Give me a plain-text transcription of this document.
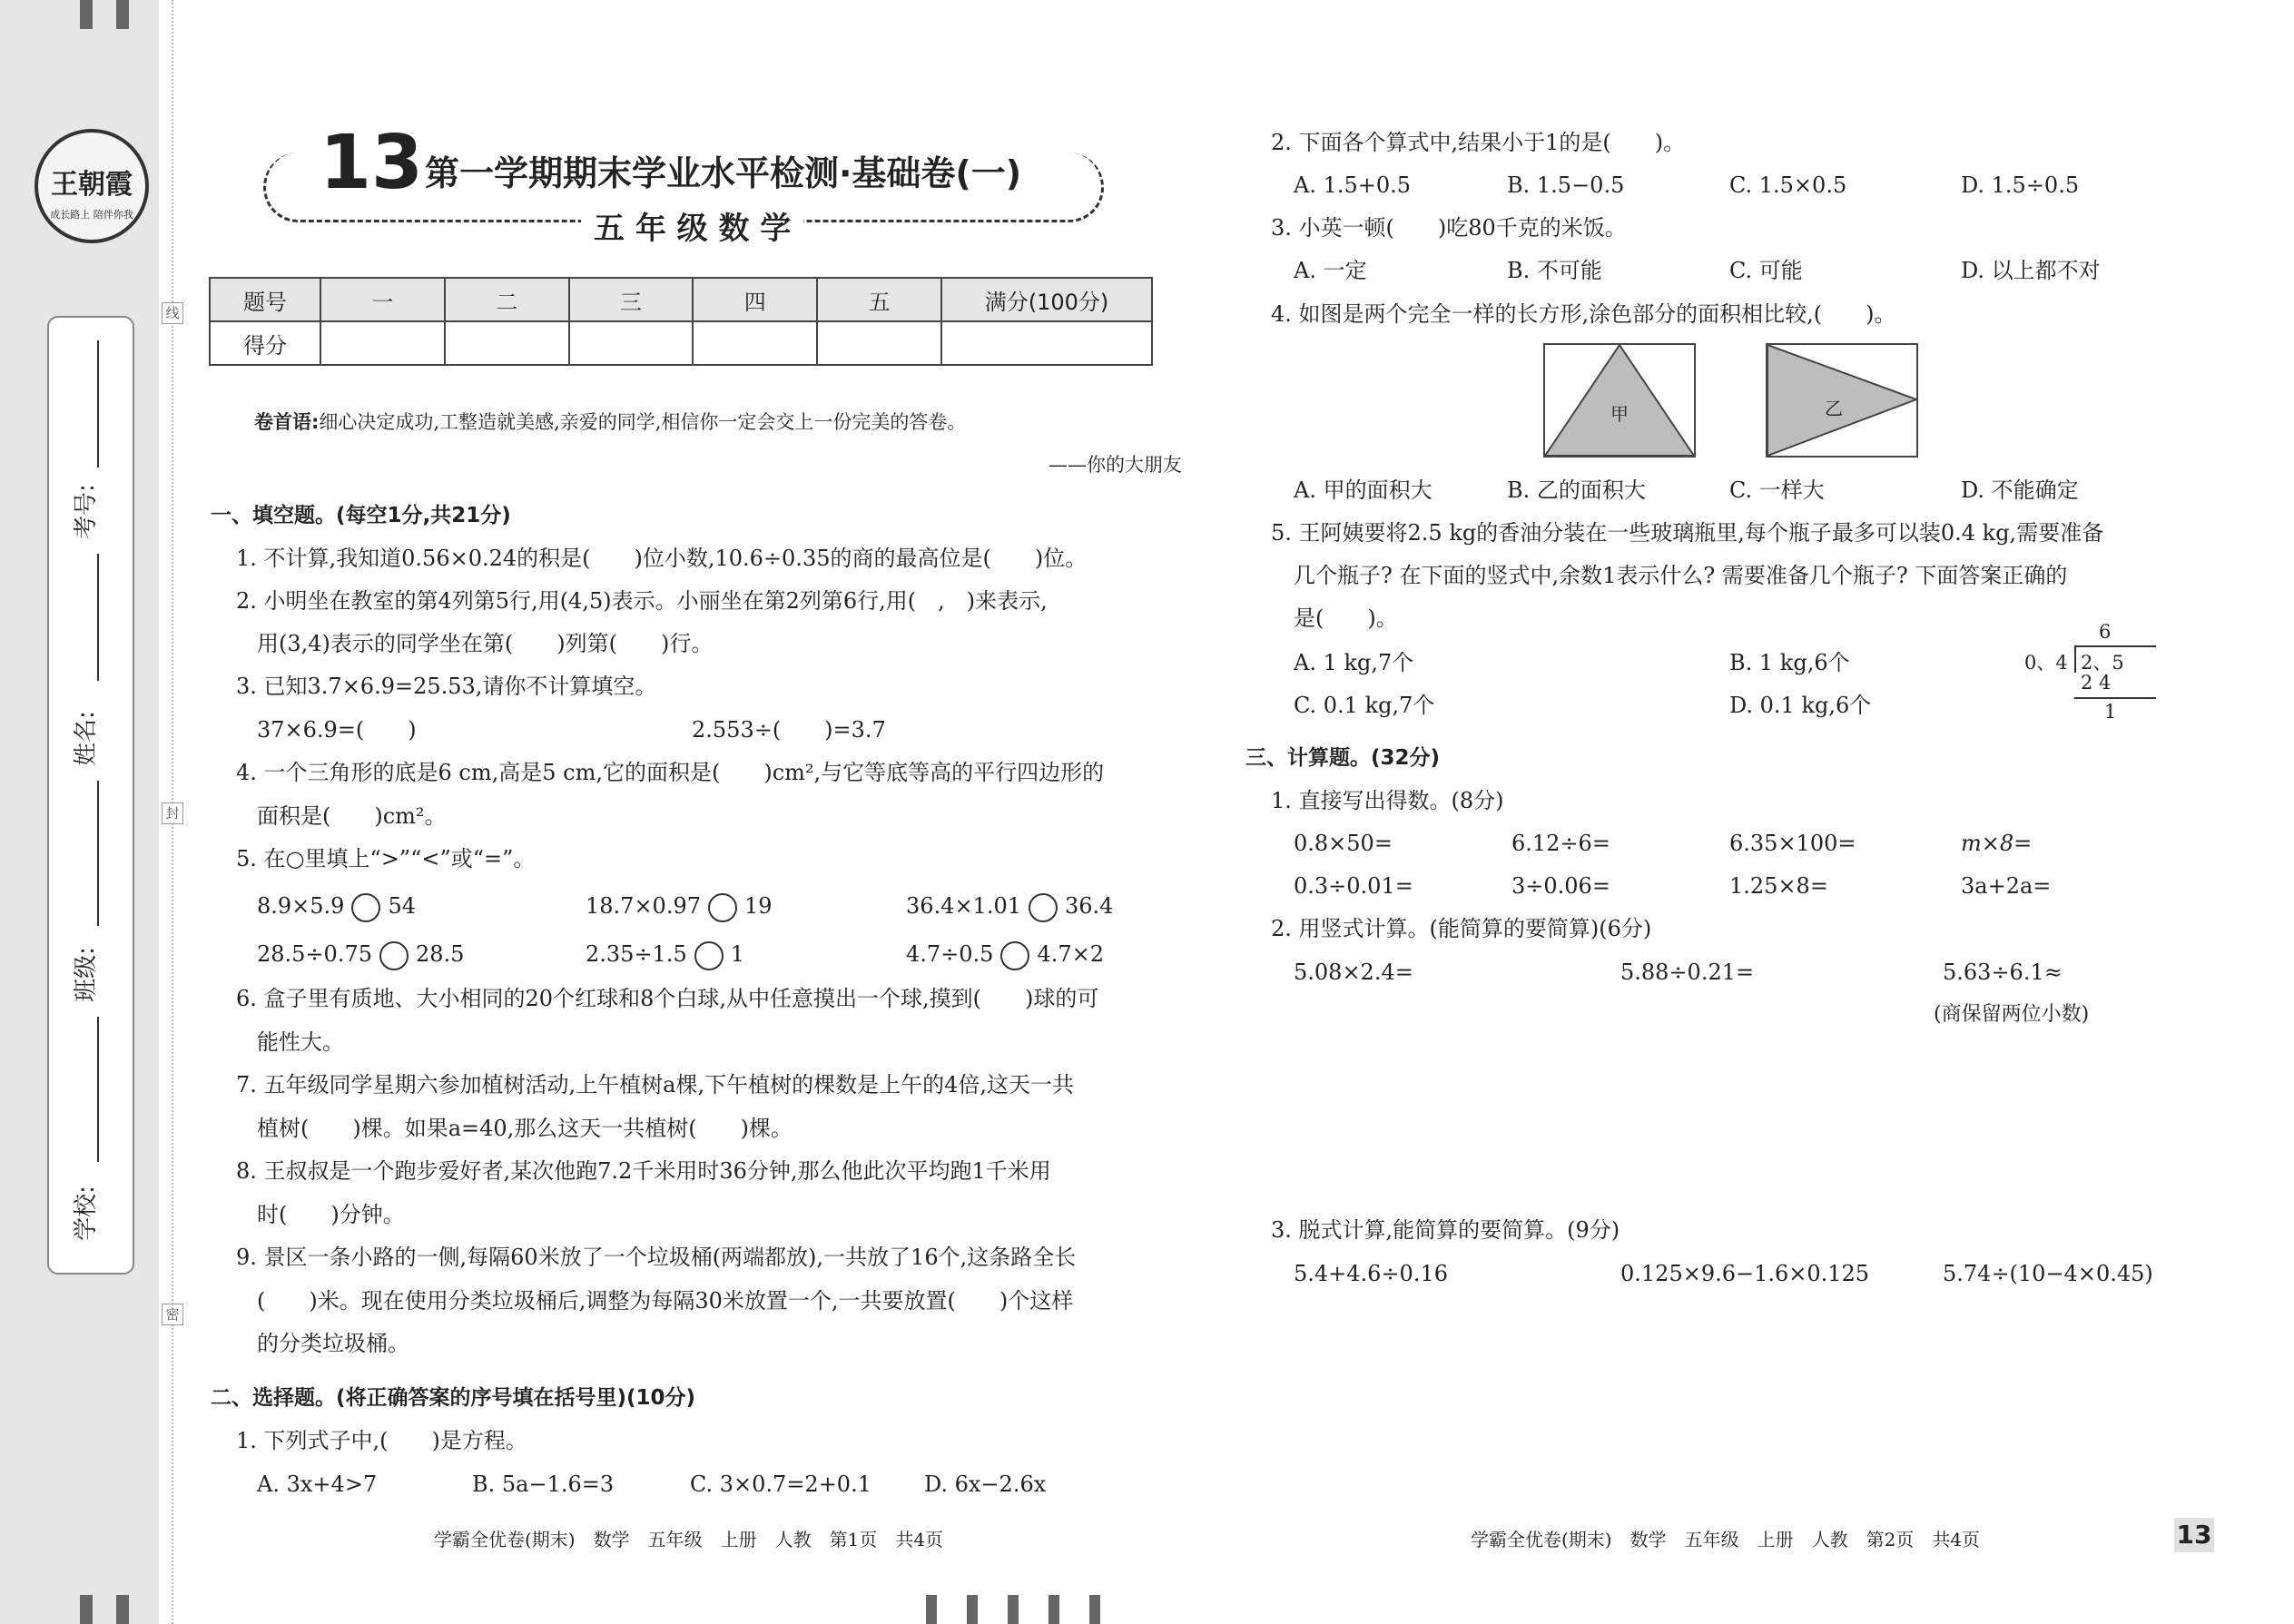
王朝霞
成长路上 陪伴你我
考号:
姓名:
班级:
学校:
线
封
密
13 第一学期期末学业水平检测·基础卷(一)
五 年 级 数 学
题号	一	二	三	四	五	满分(100分)
得分						
卷首语:细心决定成功,工整造就美感,亲爱的同学,相信你一定会交上一份完美的答卷。
——你的大朋友
一、填空题。(每空1分,共21分)
1. 不计算,我知道0.56×0.24的积是(　　)位小数,10.6÷0.35的商的最高位是(　　)位。
2. 小明坐在教室的第4列第5行,用(4,5)表示。小丽坐在第2列第6行,用(　,　)来表示,
用(3,4)表示的同学坐在第(　　)列第(　　)行。
3. 已知3.7×6.9=25.53,请你不计算填空。
37×6.9=(　　)	2.553÷(　　)=3.7
4. 一个三角形的底是6 cm,高是5 cm,它的面积是(　　)cm²,与它等底等高的平行四边形的
面积是(　　)cm²。
5. 在○里填上“>”“<”或“=”。
8.9×5.9 54	18.7×0.97 19	36.4×1.01 36.4
28.5÷0.75 28.5	2.35÷1.5 1	4.7÷0.5 4.7×2
6. 盒子里有质地、大小相同的20个红球和8个白球,从中任意摸出一个球,摸到(　　)球的可
能性大。
7. 五年级同学星期六参加植树活动,上午植树a棵,下午植树的棵数是上午的4倍,这天一共
植树(　　)棵。如果a=40,那么这天一共植树(　　)棵。
8. 王叔叔是一个跑步爱好者,某次他跑7.2千米用时36分钟,那么他此次平均跑1千米用
时(　　)分钟。
9. 景区一条小路的一侧,每隔60米放了一个垃圾桶(两端都放),一共放了16个,这条路全长
(　　)米。现在使用分类垃圾桶后,调整为每隔30米放置一个,一共要放置(　　)个这样
的分类垃圾桶。
二、选择题。(将正确答案的序号填在括号里)(10分)
1. 下列式子中,(　　)是方程。
A. 3x+4>7	B. 5a−1.6=3	C. 3×0.7=2+0.1 D. 6x−2.6x
学霸全优卷(期末)　数学　五年级　上册　人教　第1页　共4页
2. 下面各个算式中,结果小于1的是(　　)。
A. 1.5+0.5	B. 1.5−0.5	C. 1.5×0.5	D. 1.5÷0.5
3. 小英一顿(　　)吃80千克的米饭。
A. 一定	B. 不可能	C. 可能	D. 以上都不对
4. 如图是两个完全一样的长方形,涂色部分的面积相比较,(　　)。
甲	乙
A. 甲的面积大	B. 乙的面积大	C. 一样大	D. 不能确定
5. 王阿姨要将2.5 kg的香油分装在一些玻璃瓶里,每个瓶子最多可以装0.4 kg,需要准备
几个瓶子? 在下面的竖式中,余数1表示什么? 需要准备几个瓶子? 下面答案正确的
是(　　)。
A. 1 kg,7个	B. 1 kg,6个
C. 0.1 kg,7个	D. 0.1 kg,6个
6
0、4 2、5
2 4
1
三、计算题。(32分)
1. 直接写出得数。(8分)
0.8×50=	6.12÷6=	6.35×100=	m×8=
0.3÷0.01=	3÷0.06=	1.25×8=	3a+2a=
2. 用竖式计算。(能简算的要简算)(6分)
5.08×2.4=	5.88÷0.21=	5.63÷6.1≈
(商保留两位小数)
3. 脱式计算,能简算的要简算。(9分)
5.4+4.6÷0.16	0.125×9.6−1.6×0.125	5.74÷(10−4×0.45)
学霸全优卷(期末)　数学　五年级　上册　人教　第2页　共4页	13
